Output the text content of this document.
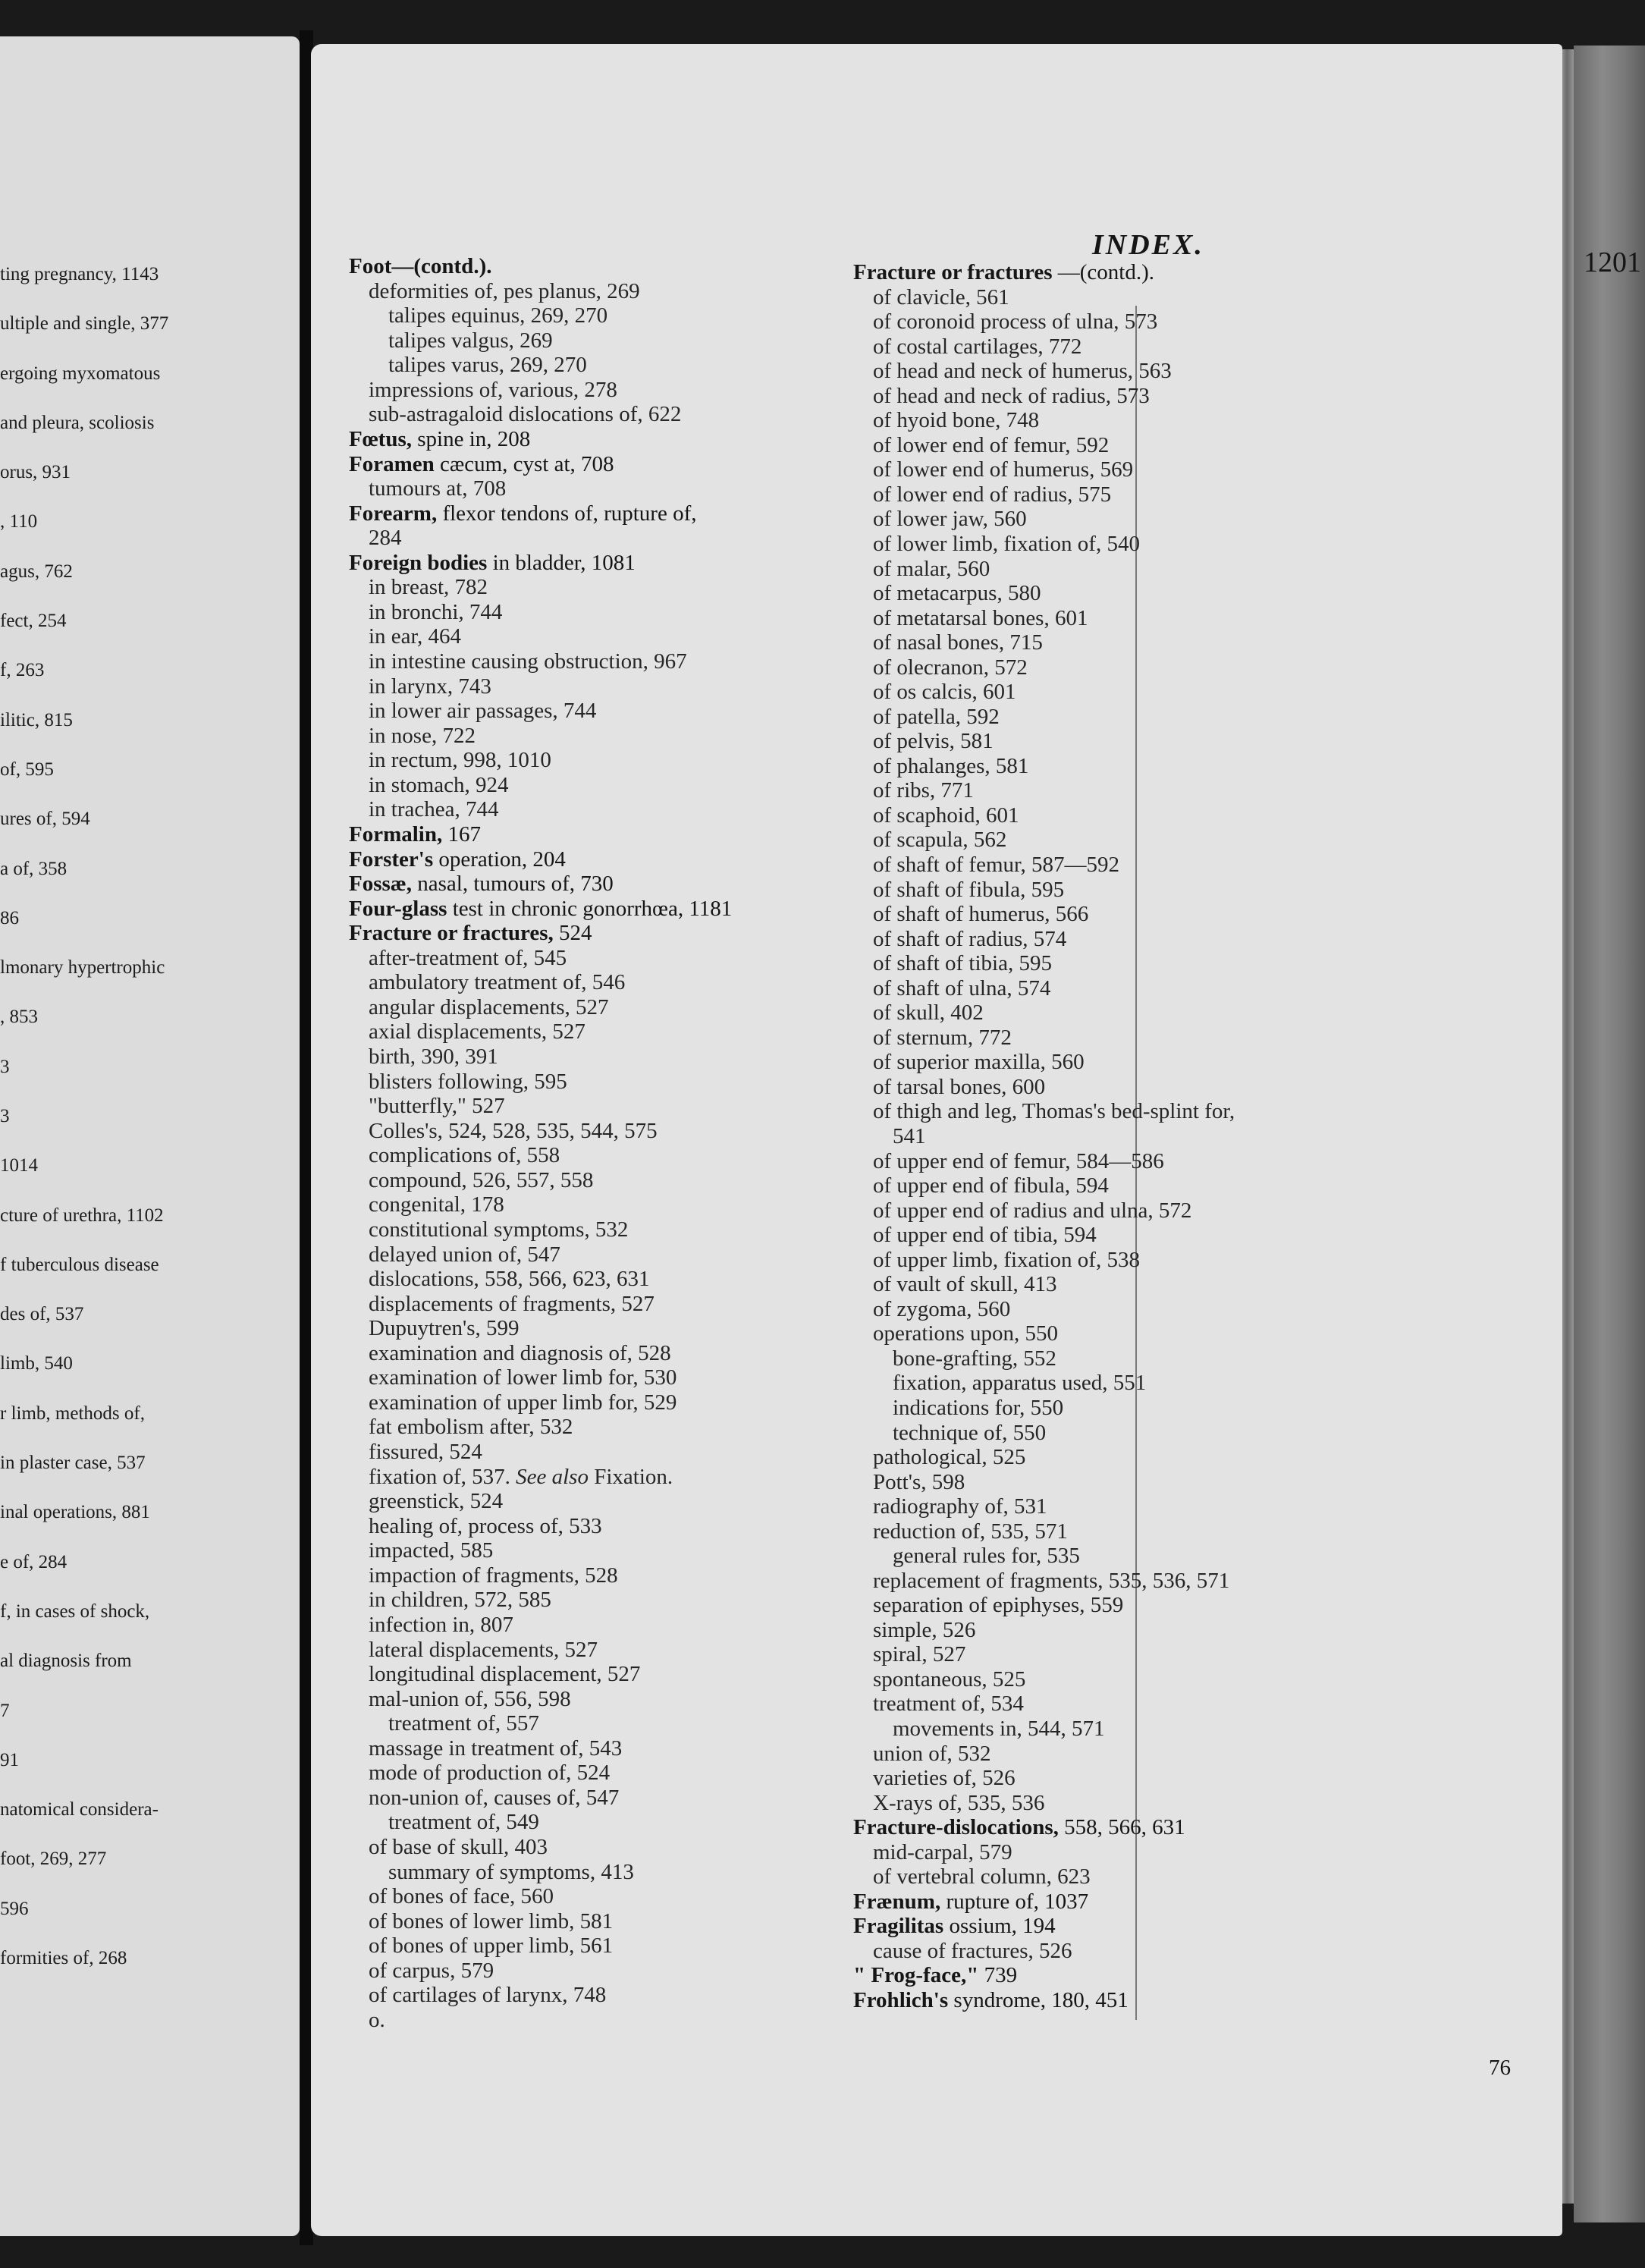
ting pregnancy, 1143
ultiple and single, 377
ergoing myxomatous
and pleura, scoliosis
orus, 931
, 110
agus, 762
fect, 254
f, 263
ilitic, 815
of, 595
ures of, 594
a of, 358
86
lmonary hypertrophic
, 853
3
3
1014
cture of urethra, 1102
f tuberculous disease
des of, 537
limb, 540
r limb, methods of,
in plaster case, 537
inal operations, 881
e of, 284
f, in cases of shock,
al diagnosis from
7
91
natomical considera-
foot, 269, 277
596
formities of, 268
INDEX.
1201
Foot—(contd.).
deformities of, pes planus, 269
talipes equinus, 269, 270
talipes valgus, 269
talipes varus, 269, 270
impressions of, various, 278
sub-astragaloid dislocations of, 622
Fœtus, spine in, 208
Foramen cæcum, cyst at, 708
tumours at, 708
Forearm, flexor tendons of, rupture of,
284
Foreign bodies in bladder, 1081
in breast, 782
in bronchi, 744
in ear, 464
in intestine causing obstruction, 967
in larynx, 743
in lower air passages, 744
in nose, 722
in rectum, 998, 1010
in stomach, 924
in trachea, 744
Formalin, 167
Forster's operation, 204
Fossæ, nasal, tumours of, 730
Four-glass test in chronic gonorrhœa, 1181
Fracture or fractures, 524
after-treatment of, 545
ambulatory treatment of, 546
angular displacements, 527
axial displacements, 527
birth, 390, 391
blisters following, 595
"butterfly," 527
Colles's, 524, 528, 535, 544, 575
complications of, 558
compound, 526, 557, 558
congenital, 178
constitutional symptoms, 532
delayed union of, 547
dislocations, 558, 566, 623, 631
displacements of fragments, 527
Dupuytren's, 599
examination and diagnosis of, 528
examination of lower limb for, 530
examination of upper limb for, 529
fat embolism after, 532
fissured, 524
fixation of, 537. See also Fixation.
greenstick, 524
healing of, process of, 533
impacted, 585
impaction of fragments, 528
in children, 572, 585
infection in, 807
lateral displacements, 527
longitudinal displacement, 527
mal-union of, 556, 598
treatment of, 557
massage in treatment of, 543
mode of production of, 524
non-union of, causes of, 547
treatment of, 549
of base of skull, 403
summary of symptoms, 413
of bones of face, 560
of bones of lower limb, 581
of bones of upper limb, 561
of carpus, 579
of cartilages of larynx, 748
o.
Fracture or fractures —(contd.).
of clavicle, 561
of coronoid process of ulna, 573
of costal cartilages, 772
of head and neck of humerus, 563
of head and neck of radius, 573
of hyoid bone, 748
of lower end of femur, 592
of lower end of humerus, 569
of lower end of radius, 575
of lower jaw, 560
of lower limb, fixation of, 540
of malar, 560
of metacarpus, 580
of metatarsal bones, 601
of nasal bones, 715
of olecranon, 572
of os calcis, 601
of patella, 592
of pelvis, 581
of phalanges, 581
of ribs, 771
of scaphoid, 601
of scapula, 562
of shaft of femur, 587—592
of shaft of fibula, 595
of shaft of humerus, 566
of shaft of radius, 574
of shaft of tibia, 595
of shaft of ulna, 574
of skull, 402
of sternum, 772
of superior maxilla, 560
of tarsal bones, 600
of thigh and leg, Thomas's bed-splint for,
541
of upper end of femur, 584—586
of upper end of fibula, 594
of upper end of radius and ulna, 572
of upper end of tibia, 594
of upper limb, fixation of, 538
of vault of skull, 413
of zygoma, 560
operations upon, 550
bone-grafting, 552
fixation, apparatus used, 551
indications for, 550
technique of, 550
pathological, 525
Pott's, 598
radiography of, 531
reduction of, 535, 571
general rules for, 535
replacement of fragments, 535, 536, 571
separation of epiphyses, 559
simple, 526
spiral, 527
spontaneous, 525
treatment of, 534
movements in, 544, 571
union of, 532
varieties of, 526
X-rays of, 535, 536
Fracture-dislocations, 558, 566, 631
mid-carpal, 579
of vertebral column, 623
Frænum, rupture of, 1037
Fragilitas ossium, 194
cause of fractures, 526
" Frog-face," 739
Frohlich's syndrome, 180, 451
76
